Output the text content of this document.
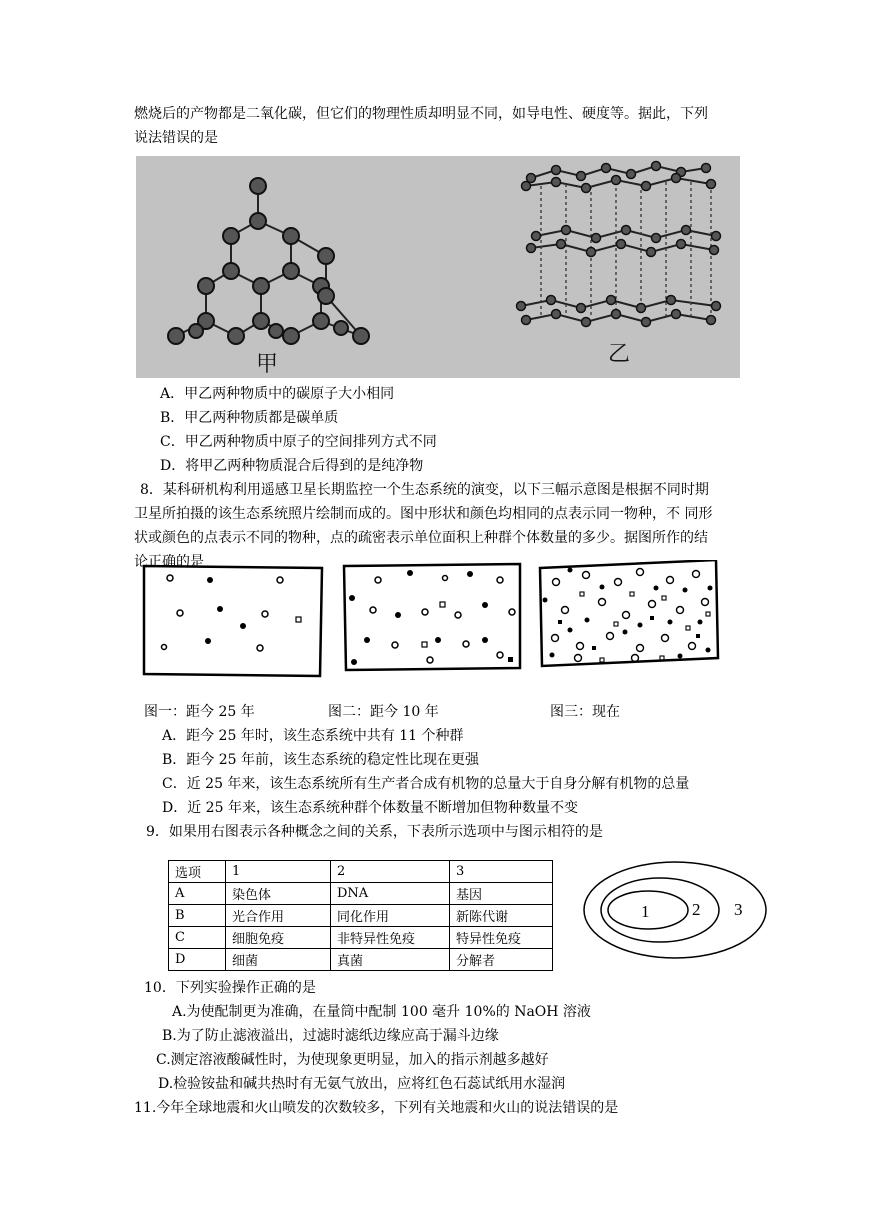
燃烧后的产物都是二氧化碳，但它们的物理性质却明显不同，如导电性、硬度等。据此，下列
说法错误的是
甲	乙
A．甲乙两种物质中的碳原子大小相同
B．甲乙两种物质都是碳单质
C．甲乙两种物质中原子的空间排列方式不同
D．将甲乙两种物质混合后得到的是纯净物
8．某科研机构利用遥感卫星长期监控一个生态系统的演变，以下三幅示意图是根据不同时期
卫星所拍摄的该生态系统照片绘制而成的。图中形状和颜色均相同的点表示同一物种，不 同形
状或颜色的点表示不同的物种，点的疏密表示单位面积上种群个体数量的多少。据图所作的结
论正确的是
图一：距今 25 年	图二：距今 10 年	图三：现在
A．距今 25 年时，该生态系统中共有 11 个种群
B．距今 25 年前，该生态系统的稳定性比现在更强
C．近 25 年来，该生态系统所有生产者合成有机物的总量大于自身分解有机物的总量
D．近 25 年来，该生态系统种群个体数量不断增加但物种数量不变
9．如果用右图表示各种概念之间的关系，下表所示选项中与图示相符的是
选项	1	2	3
A	染色体	DNA	基因
B	光合作用	同化作用	新陈代谢
C	细胞免疫	非特异性免疫	特异性免疫
D	细菌	真菌	分解者
1	2 3
10．下列实验操作正确的是
A.为使配制更为准确，在量筒中配制 100 毫升 10%的 NaOH 溶液
B.为了防止滤液溢出，过滤时滤纸边缘应高于漏斗边缘
C.测定溶液酸碱性时，为使现象更明显，加入的指示剂越多越好
D.检验铵盐和碱共热时有无氨气放出，应将红色石蕊试纸用水湿润
11.今年全球地震和火山喷发的次数较多，下列有关地震和火山的说法错误的是
